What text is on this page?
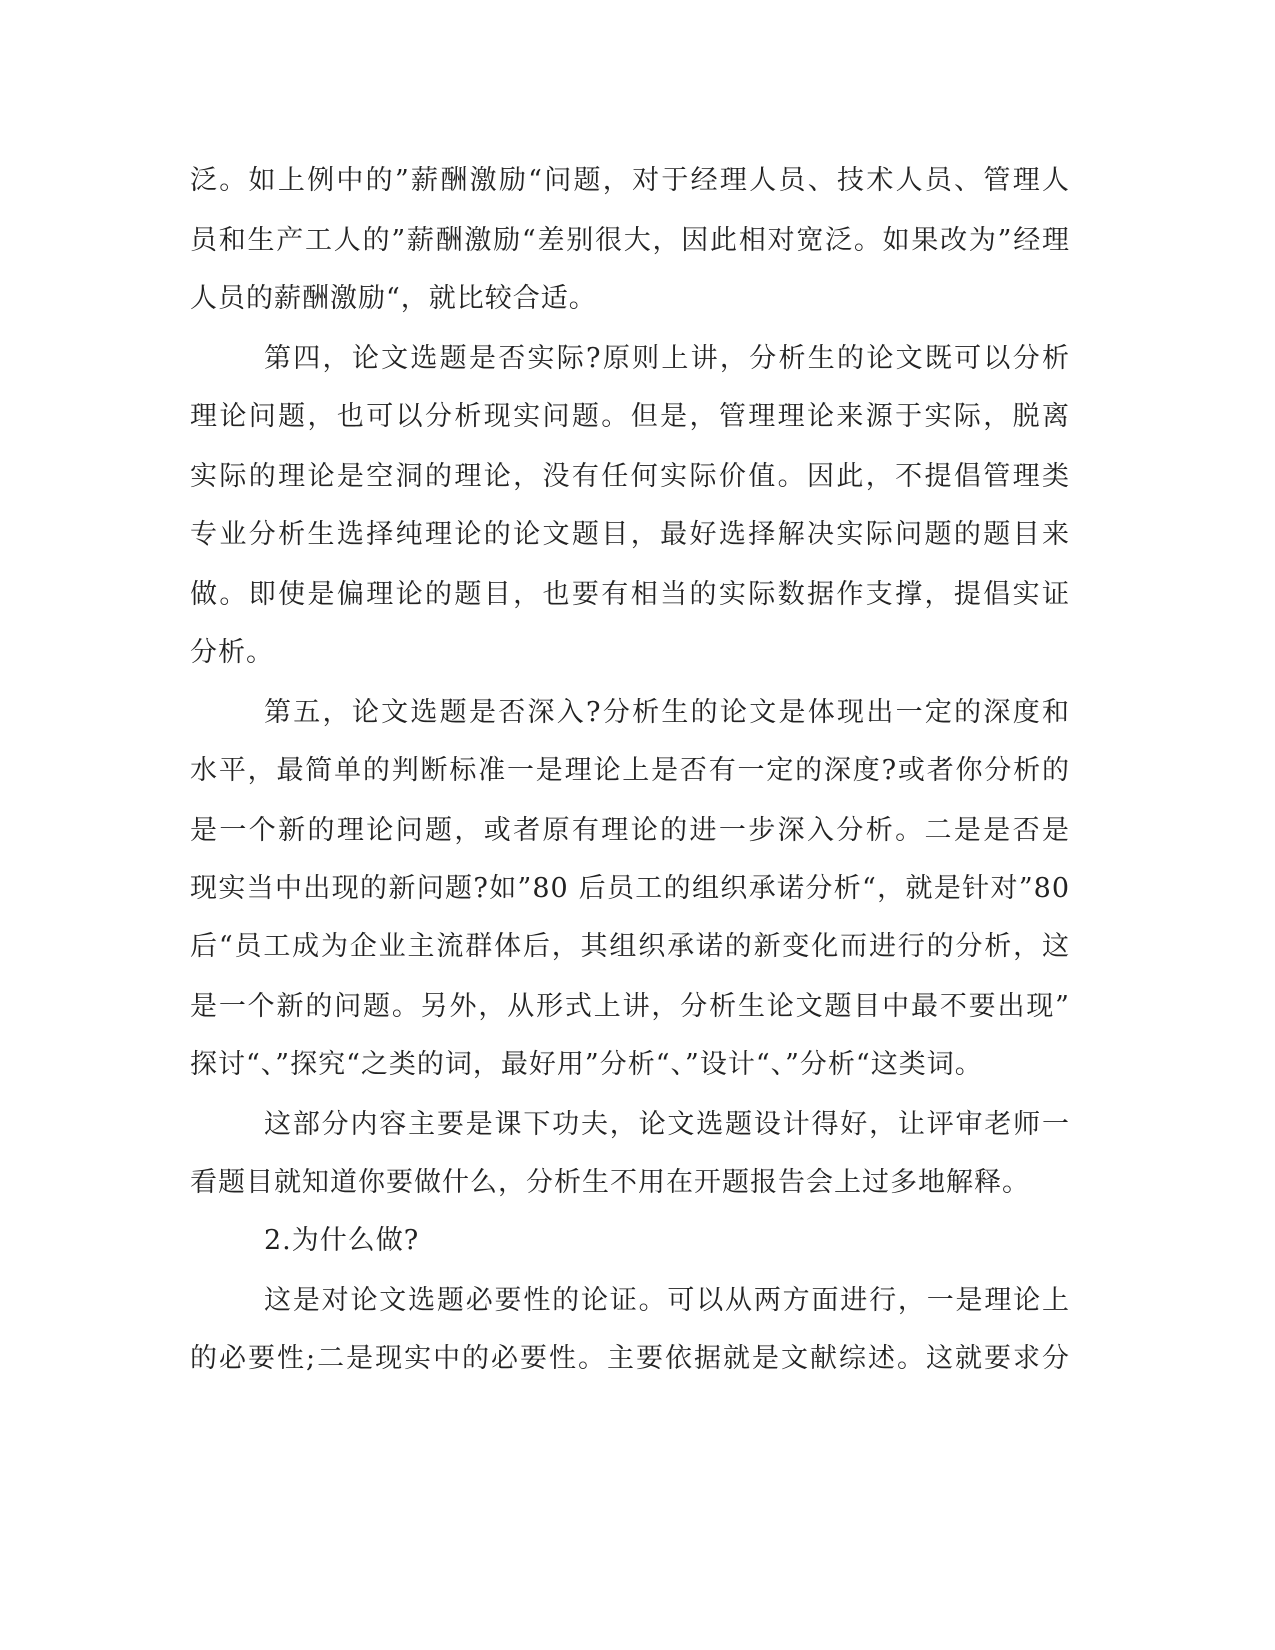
泛。如上例中的”薪酬激励“问题，对于经理人员、技术人员、管理人

员和生产工人的”薪酬激励“差别很大，因此相对宽泛。如果改为”经理

人员的薪酬激励“，就比较合适。

第四，论文选题是否实际?原则上讲，分析生的论文既可以分析

理论问题，也可以分析现实问题。但是，管理理论来源于实际，脱离

实际的理论是空洞的理论，没有任何实际价值。因此，不提倡管理类

专业分析生选择纯理论的论文题目，最好选择解决实际问题的题目来

做。即使是偏理论的题目，也要有相当的实际数据作支撑，提倡实证

分析。

第五，论文选题是否深入?分析生的论文是体现出一定的深度和

水平，最简单的判断标准一是理论上是否有一定的深度?或者你分析的

是一个新的理论问题，或者原有理论的进一步深入分析。二是是否是

现实当中出现的新问题?如”80 后员工的组织承诺分析“，就是针对”80

后“员工成为企业主流群体后，其组织承诺的新变化而进行的分析，这

是一个新的问题。另外，从形式上讲，分析生论文题目中最不要出现”

探讨“、”探究“之类的词，最好用”分析“、”设计“、”分析“这类词。

这部分内容主要是课下功夫，论文选题设计得好，让评审老师一

看题目就知道你要做什么，分析生不用在开题报告会上过多地解释。

2.为什么做?

这是对论文选题必要性的论证。可以从两方面进行，一是理论上

的必要性;二是现实中的必要性。主要依据就是文献综述。这就要求分
